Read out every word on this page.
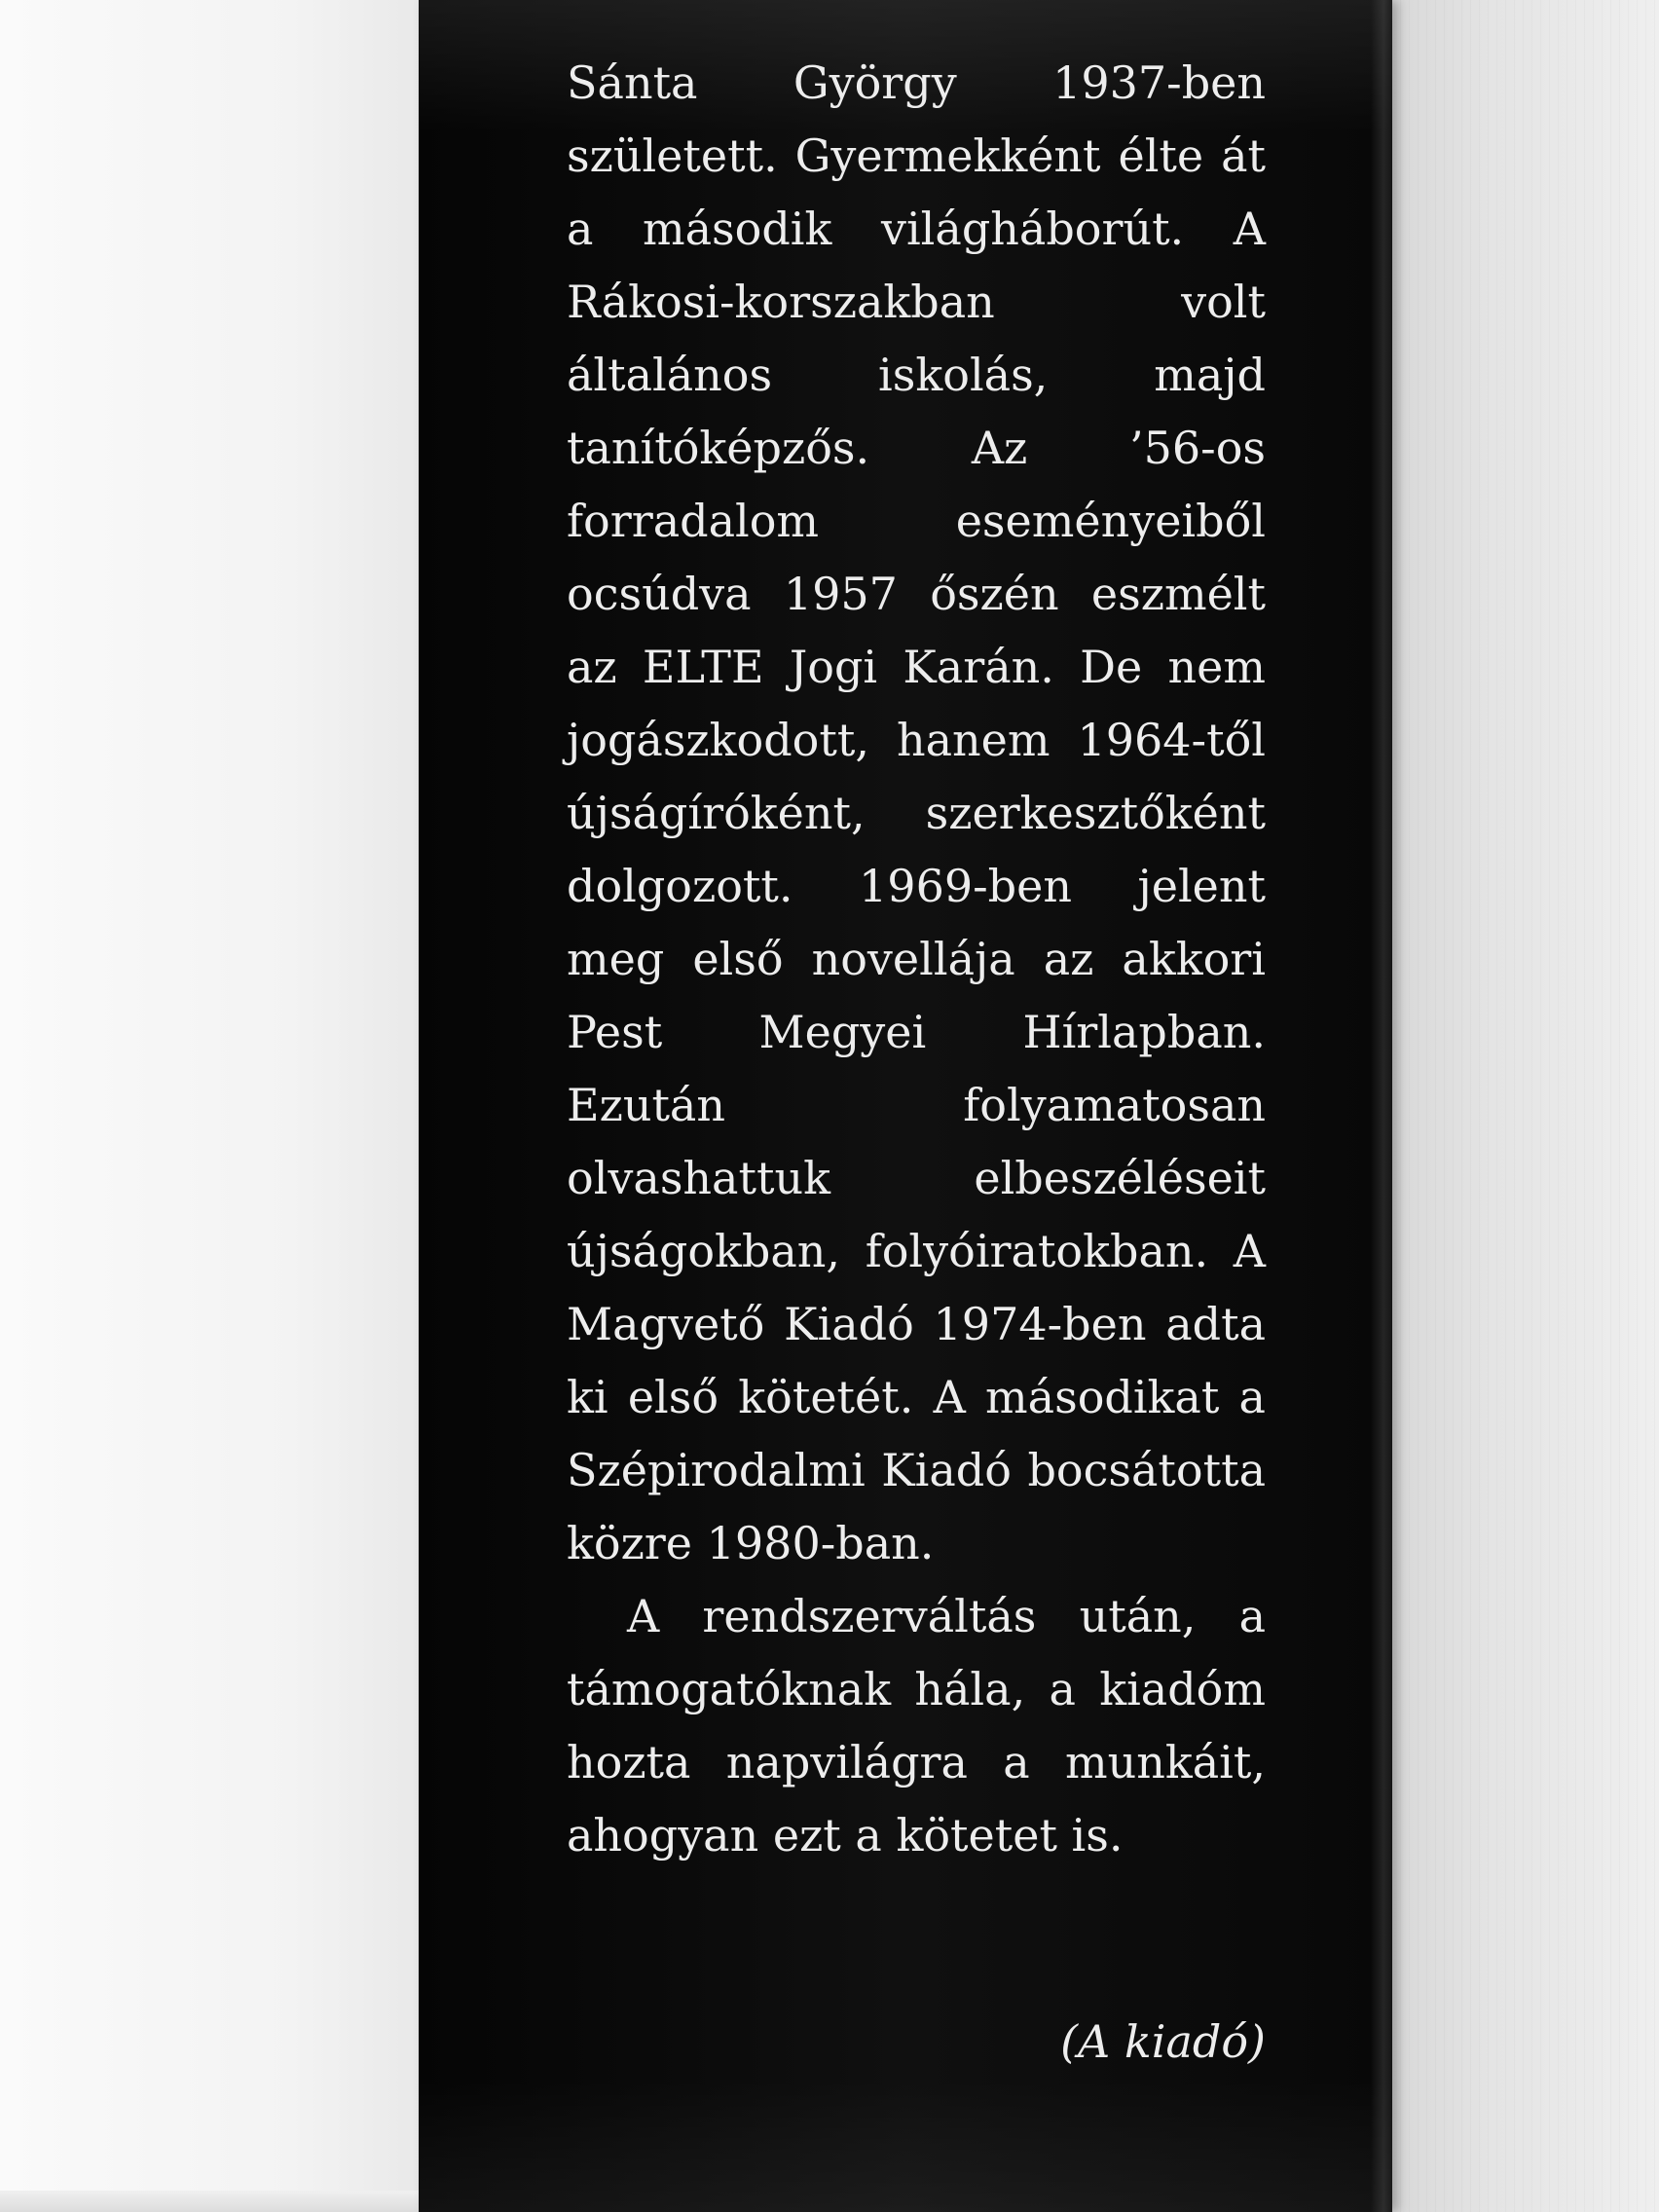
Sánta György 1937-ben született. Gyermekként élte át a második világháborút. A Rákosi-korszakban volt általános iskolás, majd tanítóképzős. Az ’56-os forradalom eseményeiből ocsúdva 1957 őszén eszmélt az ELTE Jogi Karán. De nem jogászkodott, hanem 1964-től újságíróként, szerkesztőként dolgozott. 1969-ben jelent meg első novellája az akkori Pest Megyei Hírlapban. Ezután folyamatosan olvashattuk elbeszéléseit újságokban, folyóiratokban. A Magvető Kiadó 1974-ben adta ki első kötetét. A másodikat a Szépirodalmi Kiadó bocsátotta közre 1980-ban.

A rendszerváltás után, a támogatóknak hála, a kiadóm hozta napvilágra a munkáit, ahogyan ezt a kötetet is.

(A kiadó)
